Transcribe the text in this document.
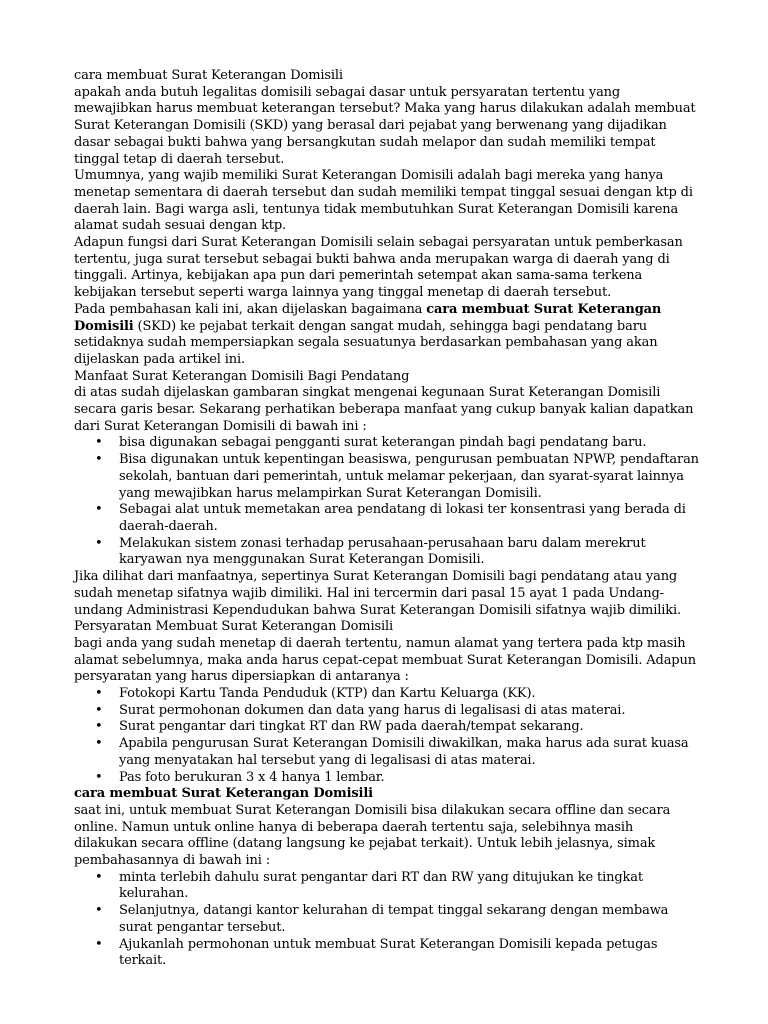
cara membuat Surat Keterangan Domisili

apakah anda butuh legalitas domisili sebagai dasar untuk persyaratan tertentu yang mewajibkan harus membuat keterangan tersebut? Maka yang harus dilakukan adalah membuat Surat Keterangan Domisili (SKD) yang berasal dari pejabat yang berwenang yang dijadikan dasar sebagai bukti bahwa yang bersangkutan sudah melapor dan sudah memiliki tempat tinggal tetap di daerah tersebut.

Umumnya, yang wajib memiliki Surat Keterangan Domisili adalah bagi mereka yang hanya menetap sementara di daerah tersebut dan sudah memiliki tempat tinggal sesuai dengan ktp di daerah lain. Bagi warga asli, tentunya tidak membutuhkan Surat Keterangan Domisili karena alamat sudah sesuai dengan ktp.

Adapun fungsi dari Surat Keterangan Domisili selain sebagai persyaratan untuk pemberkasan tertentu, juga surat tersebut sebagai bukti bahwa anda merupakan warga di daerah yang di tinggali. Artinya, kebijakan apa pun dari pemerintah setempat akan sama-sama terkena kebijakan tersebut seperti warga lainnya yang tinggal menetap di daerah tersebut.

Pada pembahasan kali ini, akan dijelaskan bagaimana cara membuat Surat Keterangan Domisili (SKD) ke pejabat terkait dengan sangat mudah, sehingga bagi pendatang baru setidaknya sudah mempersiapkan segala sesuatunya berdasarkan pembahasan yang akan dijelaskan pada artikel ini.

Manfaat Surat Keterangan Domisili Bagi Pendatang

di atas sudah dijelaskan gambaran singkat mengenai kegunaan Surat Keterangan Domisili secara garis besar. Sekarang perhatikan beberapa manfaat yang cukup banyak kalian dapatkan dari Surat Keterangan Domisili di bawah ini :

• bisa digunakan sebagai pengganti surat keterangan pindah bagi pendatang baru.
• Bisa digunakan untuk kepentingan beasiswa, pengurusan pembuatan NPWP, pendaftaran sekolah, bantuan dari pemerintah, untuk melamar pekerjaan, dan syarat-syarat lainnya yang mewajibkan harus melampirkan Surat Keterangan Domisili.
• Sebagai alat untuk memetakan area pendatang di lokasi ter konsentrasi yang berada di daerah-daerah.
• Melakukan sistem zonasi terhadap perusahaan-perusahaan baru dalam merekrut karyawan nya menggunakan Surat Keterangan Domisili.

Jika dilihat dari manfaatnya, sepertinya Surat Keterangan Domisili bagi pendatang atau yang sudah menetap sifatnya wajib dimiliki. Hal ini tercermin dari pasal 15 ayat 1 pada Undang-undang Administrasi Kependudukan bahwa Surat Keterangan Domisili sifatnya wajib dimiliki.

Persyaratan Membuat Surat Keterangan Domisili

bagi anda yang sudah menetap di daerah tertentu, namun alamat yang tertera pada ktp masih alamat sebelumnya, maka anda harus cepat-cepat membuat Surat Keterangan Domisili. Adapun persyaratan yang harus dipersiapkan di antaranya :

• Fotokopi Kartu Tanda Penduduk (KTP) dan Kartu Keluarga (KK).
• Surat permohonan dokumen dan data yang harus di legalisasi di atas materai.
• Surat pengantar dari tingkat RT dan RW pada daerah/tempat sekarang.
• Apabila pengurusan Surat Keterangan Domisili diwakilkan, maka harus ada surat kuasa yang menyatakan hal tersebut yang di legalisasi di atas materai.
• Pas foto berukuran 3 x 4 hanya 1 lembar.

cara membuat Surat Keterangan Domisili

saat ini, untuk membuat Surat Keterangan Domisili bisa dilakukan secara offline dan secara online. Namun untuk online hanya di beberapa daerah tertentu saja, selebihnya masih dilakukan secara offline (datang langsung ke pejabat terkait). Untuk lebih jelasnya, simak pembahasannya di bawah ini :

• minta terlebih dahulu surat pengantar dari RT dan RW yang ditujukan ke tingkat kelurahan.
• Selanjutnya, datangi kantor kelurahan di tempat tinggal sekarang dengan membawa surat pengantar tersebut.
• Ajukanlah permohonan untuk membuat Surat Keterangan Domisili kepada petugas terkait.
